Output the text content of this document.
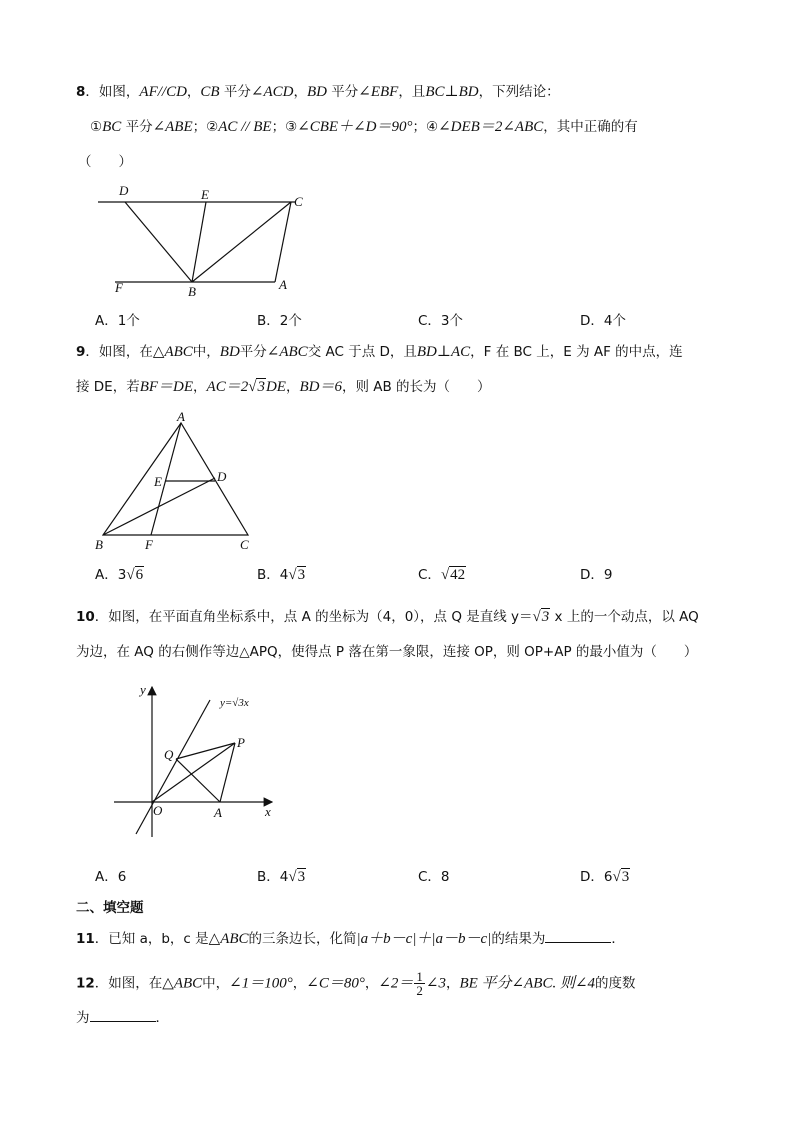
8．如图，AF//CD，CB 平分∠ACD，BD 平分∠EBF，且BC⊥BD，下列结论：
①BC 平分∠ABE；②AC // BE；③∠CBE＋∠D＝90°；④∠DEB＝2∠ABC，其中正确的有
（　　）
D	E	C
F	B	A
A．1个	B．2个	C．3个	D．4个
9．如图，在△ABC中，BD平分∠ABC交 AC 于点 D，且BD⊥AC，F 在 BC 上，E 为 AF 的中点，连
接 DE，若BF＝DE，AC＝2√3DE，BD＝6，则 AB 的长为（　　）
A
D
E
B	F	C
A．3√6	B．4√3	C．√42	D．9
10．如图，在平面直角坐标系中，点 A 的坐标为（4，0），点 Q 是直线 y＝√3 x 上的一个动点，以 AQ
为边，在 AQ 的右侧作等边△APQ，使得点 P 落在第一象限，连接 OP，则 OP+AP 的最小值为（　　）
y
x
y=√3x
Q
P
O	A
A．6	B．4√3	C．8	D．6√3
二、填空题
11．已知 a，b，c 是△ABC的三条边长，化简|a＋b－c|＋|a－b－c|的结果为	．
12．如图，在△ABC中，∠1＝100°，∠C＝80°，∠2＝ $\frac{1}{2}$ ∠3，BE 平分∠ABC. 则∠4的度数
为	．
